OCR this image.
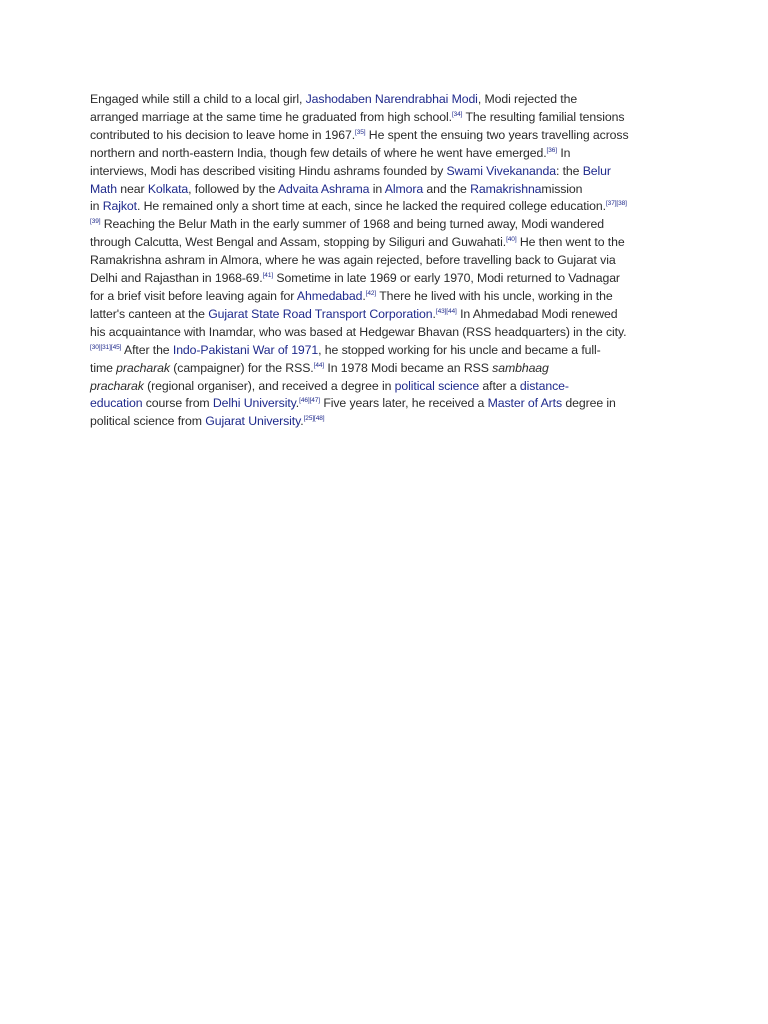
Engaged while still a child to a local girl, Jashodaben Narendrabhai Modi, Modi rejected the
arranged marriage at the same time he graduated from high school.[34] The resulting familial tensions
contributed to his decision to leave home in 1967.[35] He spent the ensuing two years travelling across
northern and north-eastern India, though few details of where he went have emerged.[36] In
interviews, Modi has described visiting Hindu ashrams founded by Swami Vivekananda: the Belur
Math near Kolkata, followed by the Advaita Ashrama in Almora and the Ramakrishnamission
in Rajkot. He remained only a short time at each, since he lacked the required college education.[37][38]
[39] Reaching the Belur Math in the early summer of 1968 and being turned away, Modi wandered
through Calcutta, West Bengal and Assam, stopping by Siliguri and Guwahati.[40] He then went to the
Ramakrishna ashram in Almora, where he was again rejected, before travelling back to Gujarat via
Delhi and Rajasthan in 1968-69.[41] Sometime in late 1969 or early 1970, Modi returned to Vadnagar
for a brief visit before leaving again for Ahmedabad.[42] There he lived with his uncle, working in the
latter's canteen at the Gujarat State Road Transport Corporation.[43][44] In Ahmedabad Modi renewed
his acquaintance with Inamdar, who was based at Hedgewar Bhavan (RSS headquarters) in the city.
[30][31][45] After the Indo-Pakistani War of 1971, he stopped working for his uncle and became a full-
time pracharak (campaigner) for the RSS.[44] In 1978 Modi became an RSS sambhaag
pracharak (regional organiser), and received a degree in political science after a distance-
education course from Delhi University.[46][47] Five years later, he received a Master of Arts degree in
political science from Gujarat University.[25][48]
